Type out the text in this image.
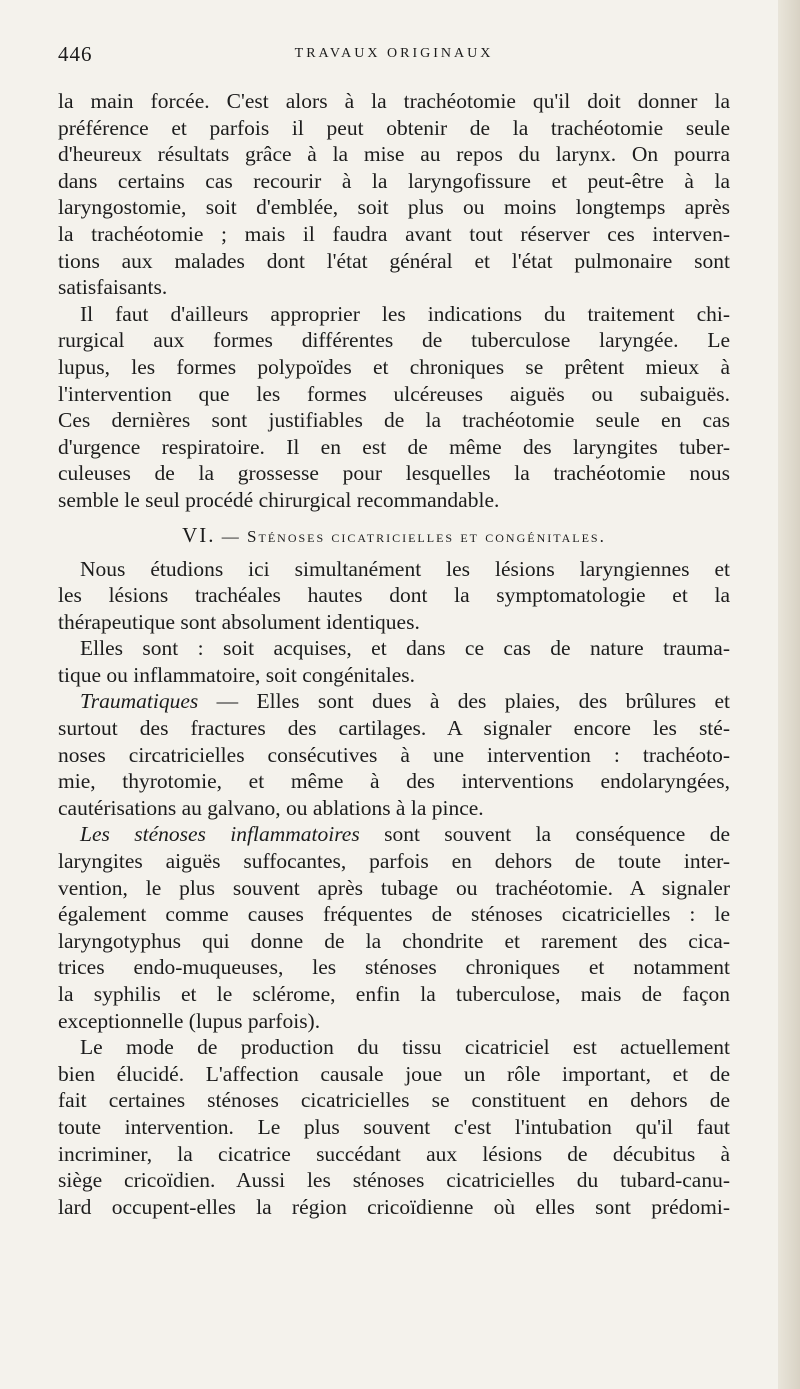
446	TRAVAUX ORIGINAUX
la main forcée. C'est alors à la trachéotomie qu'il doit donner la
préférence et parfois il peut obtenir de la trachéotomie seule
d'heureux résultats grâce à la mise au repos du larynx. On pourra
dans certains cas recourir à la laryngofissure et peut-être à la
laryngostomie, soit d'emblée, soit plus ou moins longtemps après
la trachéotomie ; mais il faudra avant tout réserver ces interven-
tions aux malades dont l'état général et l'état pulmonaire sont
satisfaisants.
Il faut d'ailleurs approprier les indications du traitement chi-
rurgical aux formes différentes de tuberculose laryngée. Le
lupus, les formes polypoïdes et chroniques se prêtent mieux à
l'intervention que les formes ulcéreuses aiguës ou subaiguës.
Ces dernières sont justifiables de la trachéotomie seule en cas
d'urgence respiratoire. Il en est de même des laryngites tuber-
culeuses de la grossesse pour lesquelles la trachéotomie nous
semble le seul procédé chirurgical recommandable.
VI. — Sténoses cicatricielles et congénitales.
Nous étudions ici simultanément les lésions laryngiennes et
les lésions trachéales hautes dont la symptomatologie et la
thérapeutique sont absolument identiques.
Elles sont : soit acquises, et dans ce cas de nature trauma-
tique ou inflammatoire, soit congénitales.
Traumatiques — Elles sont dues à des plaies, des brûlures et
surtout des fractures des cartilages. A signaler encore les sté-
noses circatricielles consécutives à une intervention : trachéoto-
mie, thyrotomie, et même à des interventions endolaryngées,
cautérisations au galvano, ou ablations à la pince.
Les sténoses inflammatoires sont souvent la conséquence de
laryngites aiguës suffocantes, parfois en dehors de toute inter-
vention, le plus souvent après tubage ou trachéotomie. A signaler
également comme causes fréquentes de sténoses cicatricielles : le
laryngotyphus qui donne de la chondrite et rarement des cica-
trices endo-muqueuses, les sténoses chroniques et notamment
la syphilis et le sclérome, enfin la tuberculose, mais de façon
exceptionnelle (lupus parfois).
Le mode de production du tissu cicatriciel est actuellement
bien élucidé. L'affection causale joue un rôle important, et de
fait certaines sténoses cicatricielles se constituent en dehors de
toute intervention. Le plus souvent c'est l'intubation qu'il faut
incriminer, la cicatrice succédant aux lésions de décubitus à
siège cricoïdien. Aussi les sténoses cicatricielles du tubard-canu-
lard occupent-elles la région cricoïdienne où elles sont prédomi-
